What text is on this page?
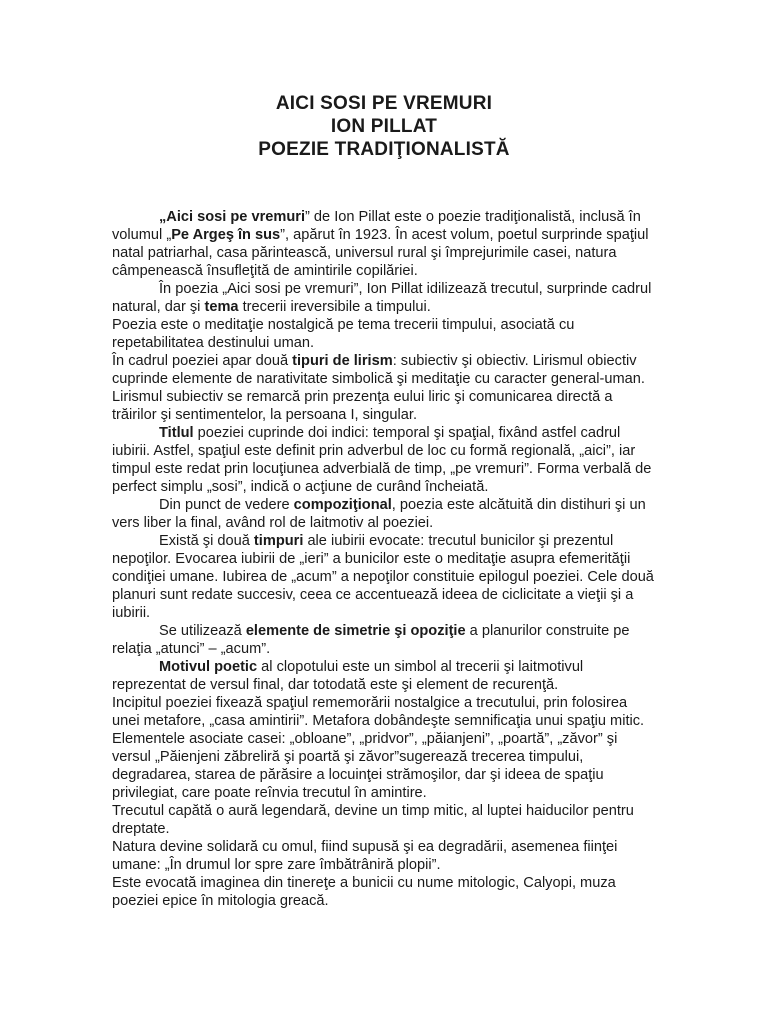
AICI SOSI PE VREMURI
ION PILLAT
POEZIE TRADIŢIONALISTĂ

„Aici sosi pe vremuri” de Ion Pillat este o poezie tradiţionalistă, inclusă în volumul „Pe Argeş în sus”, apărut în 1923. În acest volum, poetul surprinde spaţiul natal patriarhal, casa părintească, universul rural şi împrejurimile casei, natura câmpenească însufleţită de amintirile copilăriei.

În poezia „Aici sosi pe vremuri”, Ion Pillat idilizează trecutul, surprinde cadrul natural, dar şi tema trecerii ireversibile a timpului.

Poezia este o meditaţie nostalgică pe tema trecerii timpului, asociată cu repetabilitatea destinului uman.

În cadrul poeziei apar două tipuri de lirism: subiectiv şi obiectiv. Lirismul obiectiv cuprinde elemente de narativitate simbolică şi meditaţie cu caracter general-uman. Lirismul subiectiv se remarcă prin prezenţa eului liric şi comunicarea directă a trăirilor şi sentimentelor, la persoana I, singular.

Titlul poeziei cuprinde doi indici: temporal şi spaţial, fixând astfel cadrul iubirii. Astfel, spaţiul este definit prin adverbul de loc cu formă regională, „aici”, iar timpul este redat prin locuţiunea adverbială de timp, „pe vremuri”. Forma verbală de perfect simplu „sosi”, indică o acţiune de curând încheiată.

Din punct de vedere compoziţional, poezia este alcătuită din distihuri şi un vers liber la final, având rol de laitmotiv al poeziei.

Există şi două timpuri ale iubirii evocate: trecutul bunicilor şi prezentul nepoţilor. Evocarea iubirii de „ieri” a bunicilor este o meditaţie asupra efemerităţii condiţiei umane. Iubirea de „acum” a nepoţilor constituie epilogul poeziei. Cele două planuri sunt redate succesiv, ceea ce accentuează ideea de ciclicitate a vieţii şi a iubirii.

Se utilizează elemente de simetrie şi opoziţie a planurilor construite pe relaţia „atunci” – „acum”.

Motivul poetic al clopotului este un simbol al trecerii şi laitmotivul reprezentat de versul final, dar totodată este şi element de recurenţă.

Incipitul poeziei fixează spaţiul rememorării nostalgice a trecutului, prin folosirea unei metafore, „casa amintirii”. Metafora dobândeşte semnificaţia unui spaţiu mitic. Elementele asociate casei: „obloane”, „pridvor”, „păianjeni”, „poartă”, „zăvor” şi versul „Păienjeni zăbreliră şi poartă şi zăvor”sugerează trecerea timpului, degradarea, starea de părăsire a locuinţei strămoşilor, dar şi ideea de spaţiu privilegiat, care poate reînvia trecutul în amintire.

Trecutul capătă o aură legendară, devine un timp mitic, al luptei haiducilor pentru dreptate.

Natura devine solidară cu omul, fiind supusă şi ea degradării, asemenea fiinţei umane: „În drumul lor spre zare îmbătrâniră plopii”.

Este evocată imaginea din tinereţe a bunicii cu nume mitologic, Calyopi, muza poeziei epice în mitologia greacă.
